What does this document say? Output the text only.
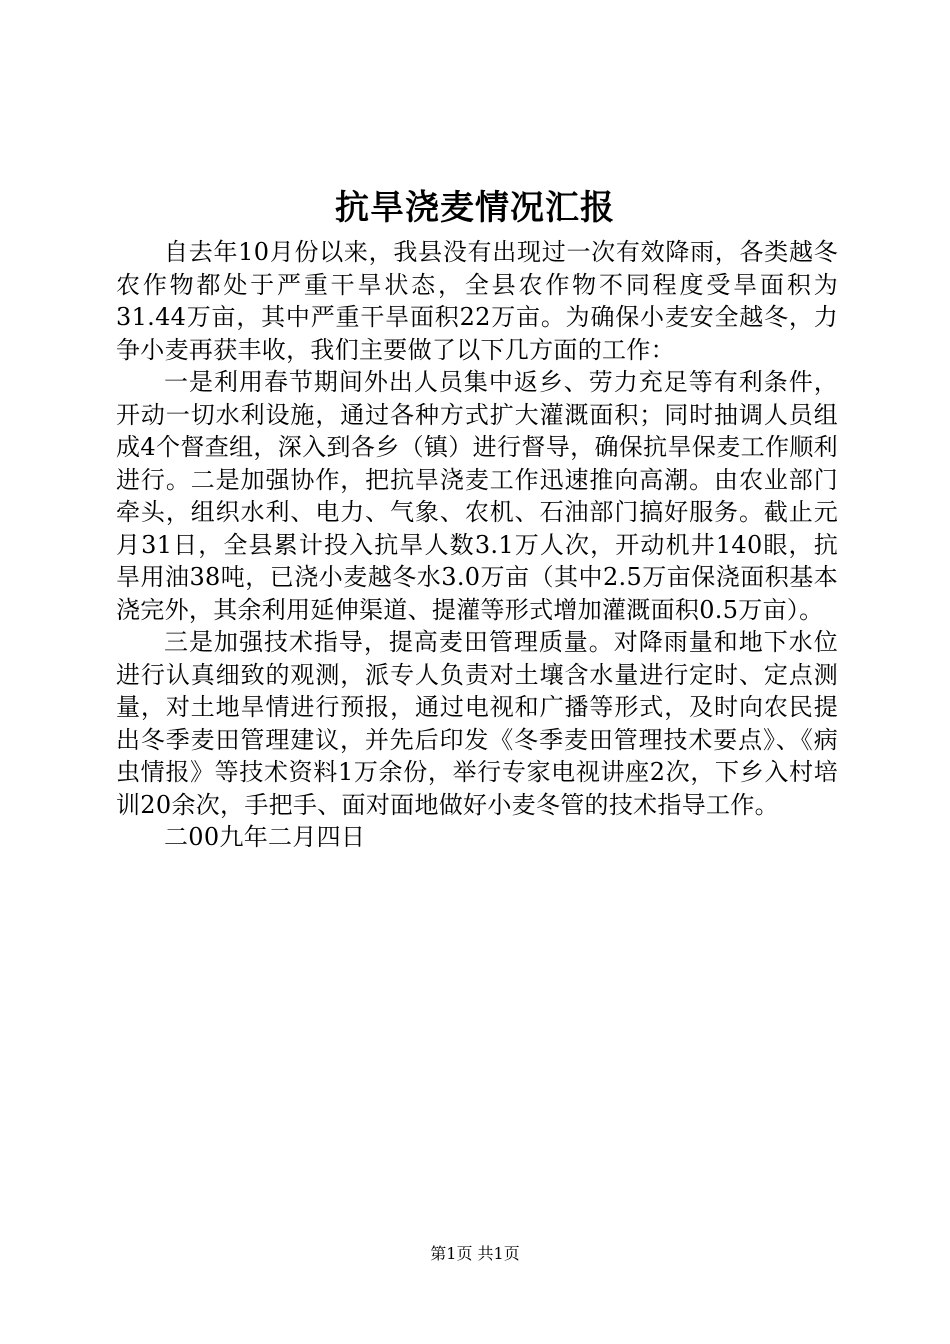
抗旱浇麦情况汇报

自去年10月份以来，我县没有出现过一次有效降雨，各类越冬农作物都处于严重干旱状态，全县农作物不同程度受旱面积为31.44万亩，其中严重干旱面积22万亩。为确保小麦安全越冬，力争小麦再获丰收，我们主要做了以下几方面的工作：

一是利用春节期间外出人员集中返乡、劳力充足等有利条件，开动一切水利设施，通过各种方式扩大灌溉面积；同时抽调人员组成4个督查组，深入到各乡（镇）进行督导，确保抗旱保麦工作顺利进行。二是加强协作，把抗旱浇麦工作迅速推向高潮。由农业部门牵头，组织水利、电力、气象、农机、石油部门搞好服务。截止元月31日，全县累计投入抗旱人数3.1万人次，开动机井140眼，抗旱用油38吨，已浇小麦越冬水3.0万亩（其中2.5万亩保浇面积基本浇完外，其余利用延伸渠道、提灌等形式增加灌溉面积0.5万亩）。

三是加强技术指导，提高麦田管理质量。对降雨量和地下水位进行认真细致的观测，派专人负责对土壤含水量进行定时、定点测量，对土地旱情进行预报，通过电视和广播等形式，及时向农民提出冬季麦田管理建议，并先后印发《冬季麦田管理技术要点》、《病虫情报》等技术资料1万余份，举行专家电视讲座2次，下乡入村培训20余次，手把手、面对面地做好小麦冬管的技术指导工作。

二00九年二月四日

第1页 共1页
